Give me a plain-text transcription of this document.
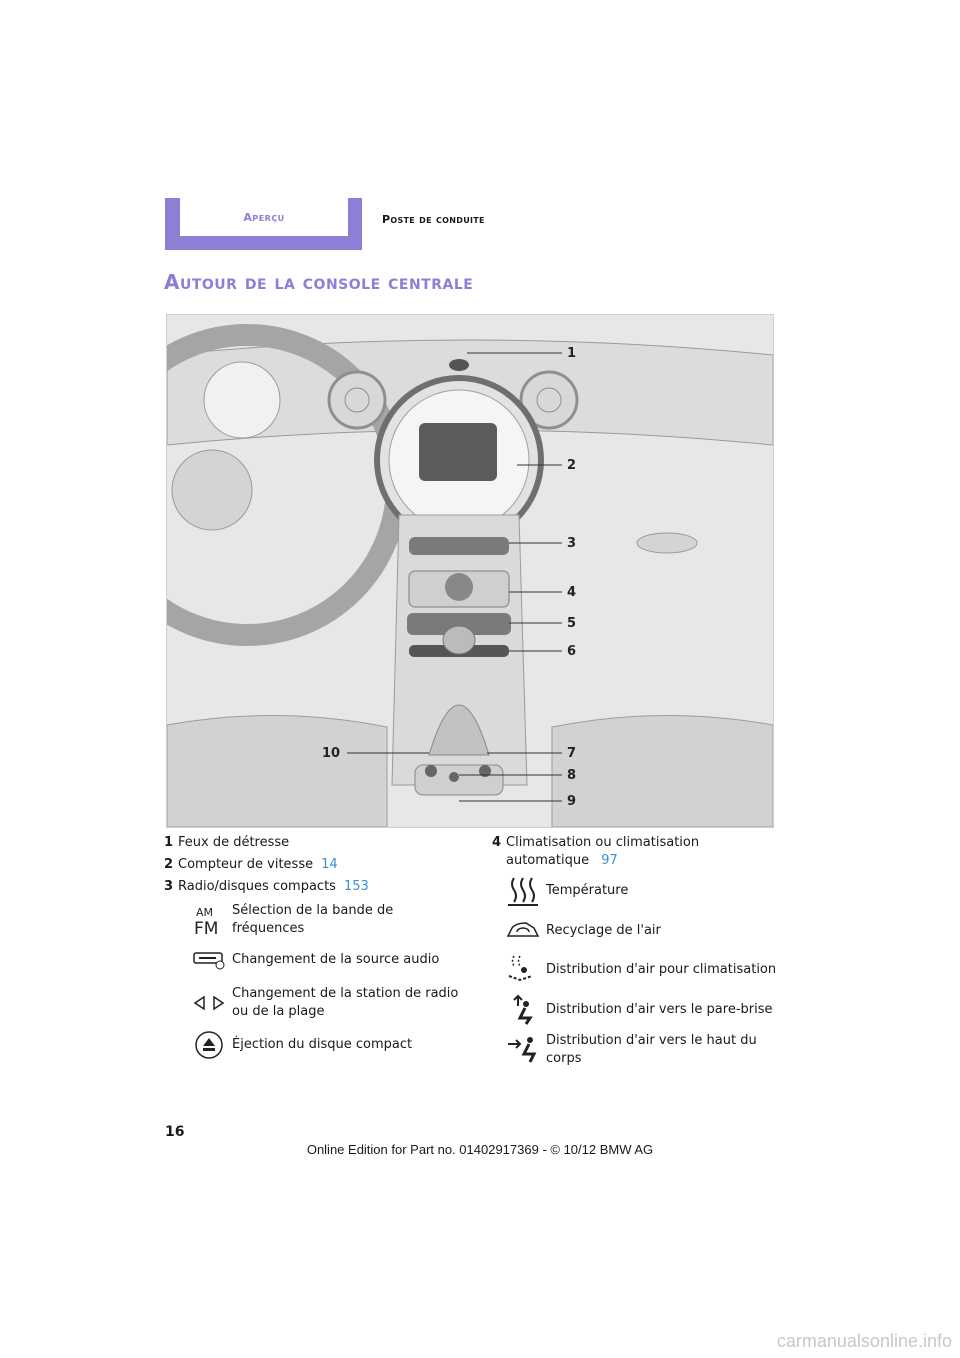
Aperçu	Poste de conduite
Autour de la console centrale
1
2
3
4
5
6
7
8
9
10
1 Feux de détresse
2 Compteur de vitesse 14
3 Radio/disques compacts 153
AM
FM
Sélection de la bande de fréquences
Changement de la source audio
Changement de la station de radio ou de la plage
Éjection du disque compact
4 Climatisation ou climatisation automatique 97
Température
Recyclage de l'air
Distribution d'air pour climatisation
Distribution d'air vers le pare-brise
Distribution d'air vers le haut du corps
16
Online Edition for Part no. 01402917369 - © 10/12 BMW AG
carmanualsonline.info
